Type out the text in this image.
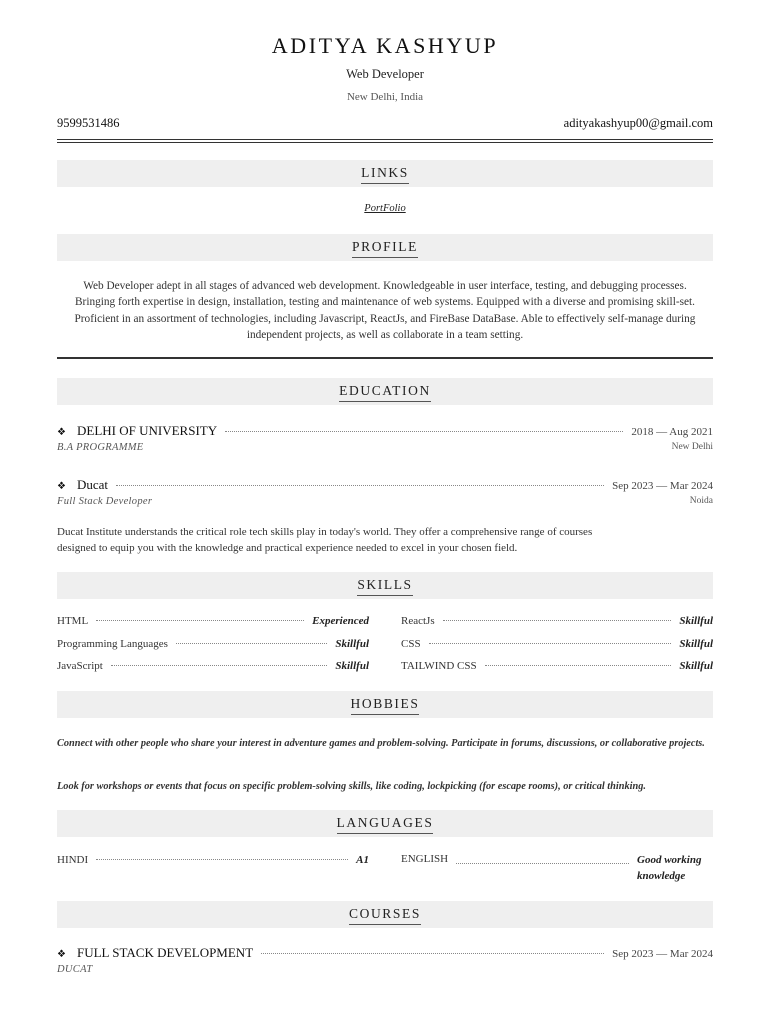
ADITYA KASHYUP
Web Developer
New Delhi, India
9599531486	adityakashyup00@gmail.com
LINKS
PortFolio
PROFILE
Web Developer adept in all stages of advanced web development. Knowledgeable in user interface, testing, and debugging processes. Bringing forth expertise in design, installation, testing and maintenance of web systems. Equipped with a diverse and promising skill-set. Proficient in an assortment of technologies, including Javascript, ReactJs, and FireBase DataBase. Able to effectively self-manage during independent projects, as well as collaborate in a team setting.
EDUCATION
❖ DELHI OF UNIVERSITY	2018 — Aug 2021
B.A PROGRAMME	New Delhi
❖ Ducat	Sep 2023 — Mar 2024
Full Stack Developer	Noida
Ducat Institute understands the critical role tech skills play in today's world. They offer a comprehensive range of courses designed to equip you with the knowledge and practical experience needed to excel in your chosen field.
SKILLS
HTML	Experienced	ReactJs	Skillful
Programming Languages	Skillful	CSS	Skillful
JavaScript	Skillful	TAILWIND CSS	Skillful
HOBBIES
Connect with other people who share your interest in adventure games and problem-solving. Participate in forums, discussions, or collaborative projects.
Look for workshops or events that focus on specific problem-solving skills, like coding, lockpicking (for escape rooms), or critical thinking.
LANGUAGES
HINDI	A1	ENGLISH	Good working knowledge
COURSES
❖ FULL STACK DEVELOPMENT	Sep 2023 — Mar 2024
DUCAT
